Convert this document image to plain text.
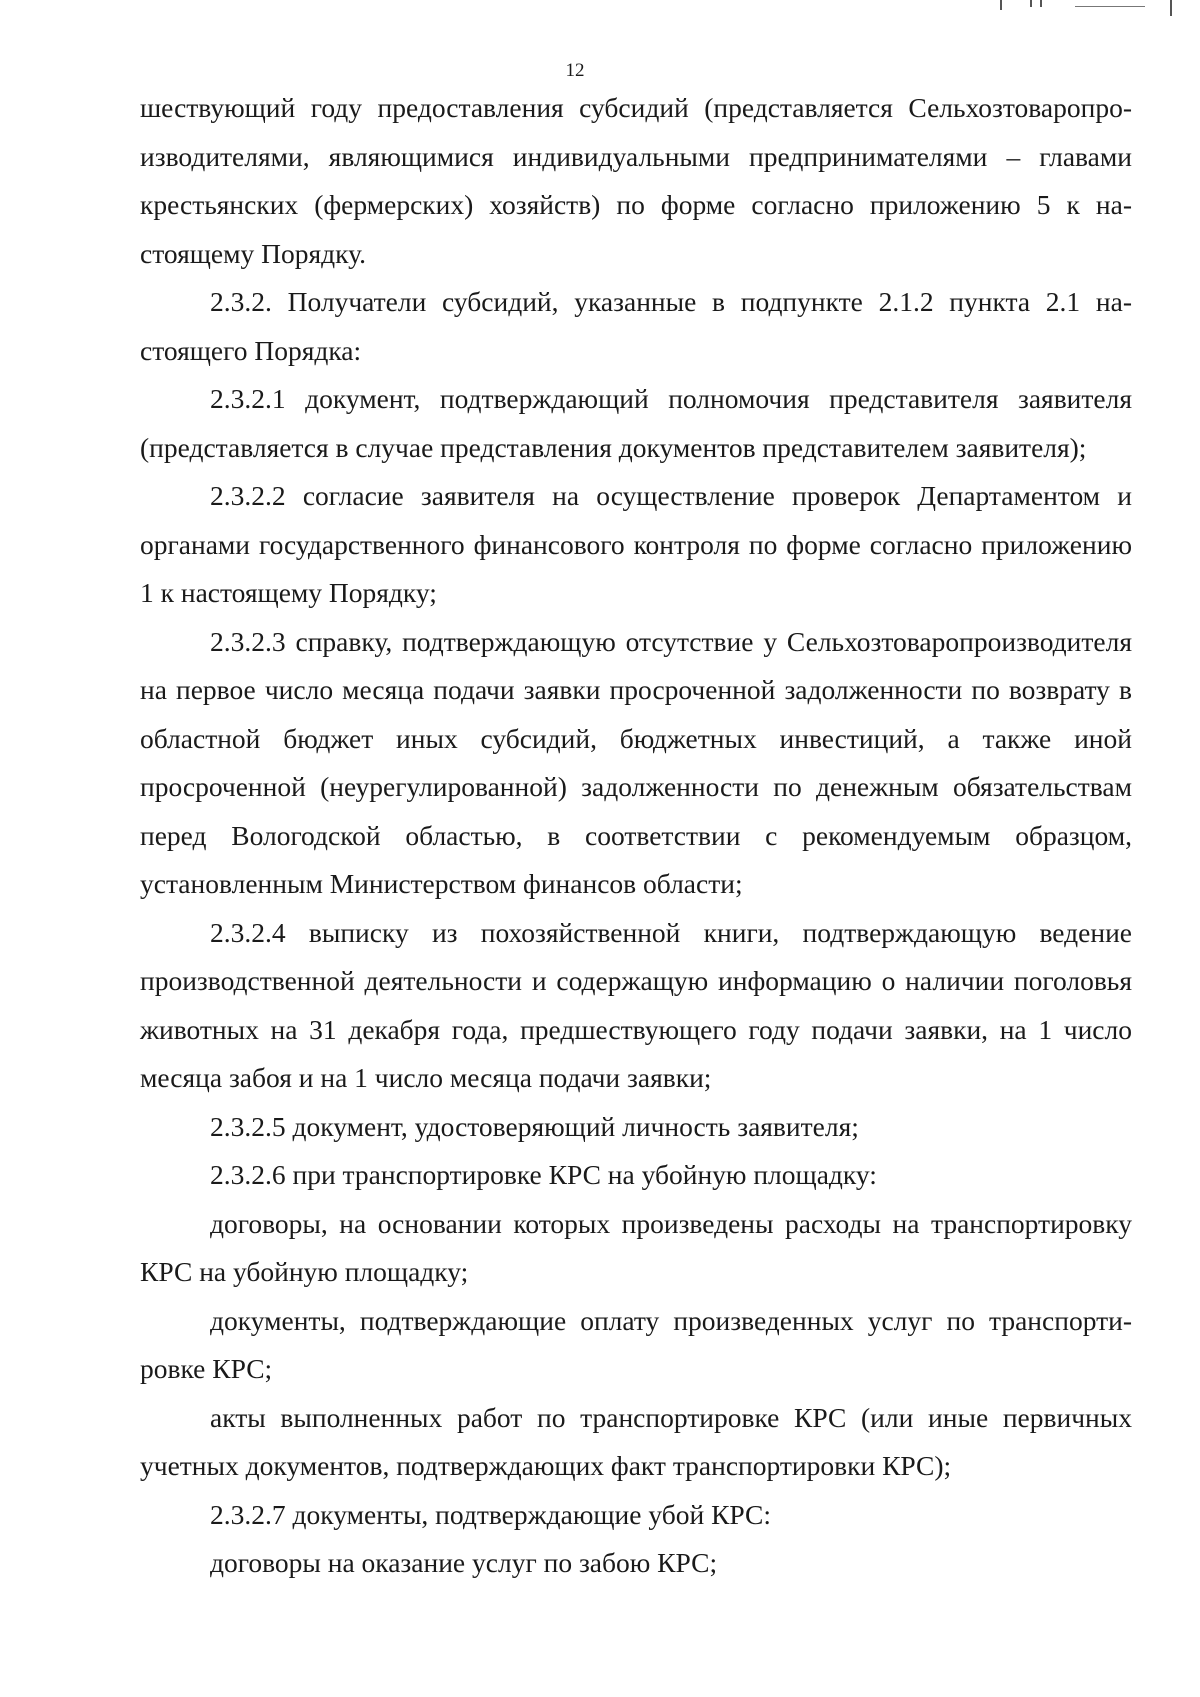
12

шествующий году предоставления субсидий (представляется Сельхозтоваропроизводителями, являющимися индивидуальными предпринимателями – главами крестьянских (фермерских) хозяйств) по форме согласно приложению 5 к настоящему Порядку.

2.3.2. Получатели субсидий, указанные в подпункте 2.1.2 пункта 2.1 настоящего Порядка:

2.3.2.1 документ, подтверждающий полномочия представителя заявителя (представляется в случае представления документов представителем заявителя);

2.3.2.2 согласие заявителя на осуществление проверок Департаментом и органами государственного финансового контроля по форме согласно приложению 1 к настоящему Порядку;

2.3.2.3 справку, подтверждающую отсутствие у Сельхозтоваропроизводителя на первое число месяца подачи заявки просроченной задолженности по возврату в областной бюджет иных субсидий, бюджетных инвестиций, а также иной просроченной (неурегулированной) задолженности по денежным обязательствам перед Вологодской областью, в соответствии с рекомендуемым образцом, установленным Министерством финансов области;

2.3.2.4 выписку из похозяйственной книги, подтверждающую ведение производственной деятельности и содержащую информацию о наличии поголовья животных на 31 декабря года, предшествующего году подачи заявки, на 1 число месяца забоя и на 1 число месяца подачи заявки;

2.3.2.5 документ, удостоверяющий личность заявителя;

2.3.2.6 при транспортировке КРС на убойную площадку:

договоры, на основании которых произведены расходы на транспортировку КРС на убойную площадку;

документы, подтверждающие оплату произведенных услуг по транспортировке КРС;

акты выполненных работ по транспортировке КРС (или иные первичных учетных документов, подтверждающих факт транспортировки КРС);

2.3.2.7 документы, подтверждающие убой КРС:

договоры на оказание услуг по забою КРС;
